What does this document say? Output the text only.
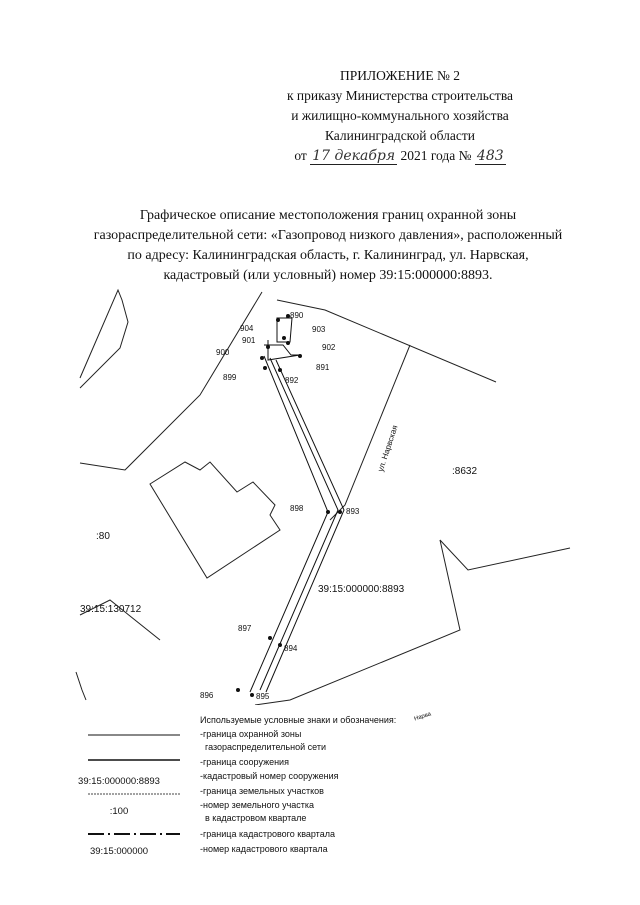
ПРИЛОЖЕНИЕ № 2
к приказу Министерства строительства
и жилищно-коммунального хозяйства
Калининградской области
от 17 декабря 2021 года № 483
Графическое описание местоположения границ охранной зоны
газораспределительной сети: «Газопровод низкого давления», расположенный
по адресу: Калининградская область, г. Калининград, ул. Нарвская,
кадастровый (или условный) номер 39:15:000000:8893.
890
904	903
901
902
900
891
899	892
898	893
897
894
896	895
ул. Нарвская	:8632
:80
39:15:130712
39:15:000000:8893
Нарва
Используемые условные знаки и обозначения:
-граница охранной зоны
газораспределительной сети
-граница сооружения
39:15:000000:8893	-кадастровый номер сооружения
-граница земельных участков
:100
-номер земельного участка
в кадастровом квартале
-граница кадастрового квартала
39:15:000000	-номер кадастрового квартала
